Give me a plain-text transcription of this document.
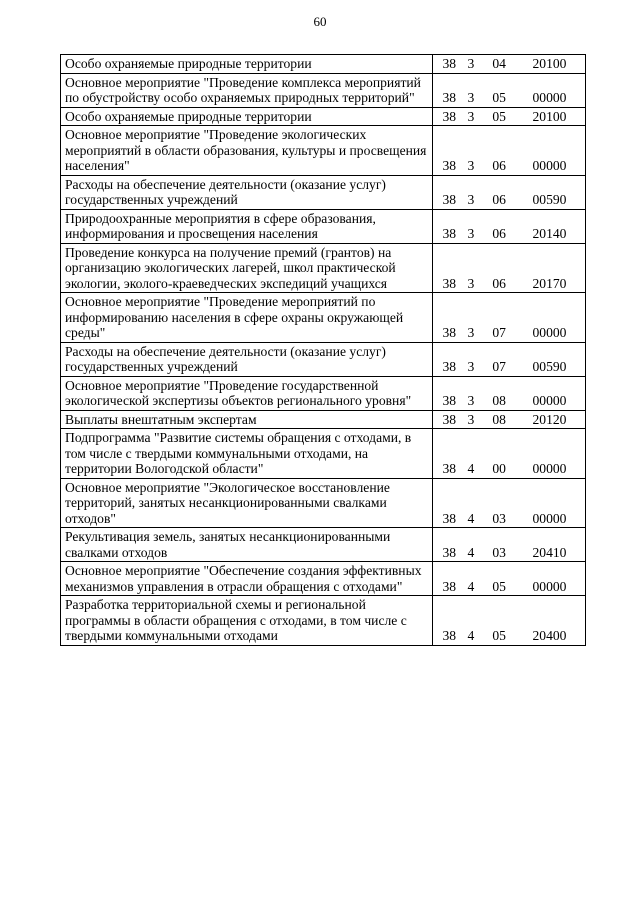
60
Особо охраняемые природные территории	38 3 04 20100

Основное мероприятие "Проведение комплекса мероприятий по обустройству особо охраняемых природных территорий"	38 3 05 00000

Особо охраняемые природные территории	38 3 05 20100

Основное мероприятие "Проведение экологических мероприятий в области образования, культуры и просвещения населения"	38 3 06 00000

Расходы на обеспечение деятельности (оказание услуг) государственных учреждений	38 3 06 00590

Природоохранные мероприятия в сфере образования, информирования и просвещения населения	38 3 06 20140

Проведение конкурса на получение премий (грантов) на организацию экологических лагерей, школ практической экологии, эколого-краеведческих экспедиций учащихся	38 3 06 20170

Основное мероприятие "Проведение мероприятий по информированию населения в сфере охраны окружающей среды"	38 3 07 00000

Расходы на обеспечение деятельности (оказание услуг) государственных учреждений	38 3 07 00590

Основное мероприятие "Проведение государственной экологической экспертизы объектов регионального уровня"	38 3 08 00000

Выплаты внештатным экспертам	38 3 08 20120

Подпрограмма "Развитие системы обращения с отходами, в том числе с твердыми коммунальными отходами, на территории Вологодской области"	38 4 00 00000

Основное мероприятие "Экологическое восстановление территорий, занятых несанкционированными свалками отходов"	38 4 03 00000

Рекультивация земель, занятых несанкционированными свалками отходов	38 4 03 20410

Основное мероприятие "Обеспечение создания эффективных механизмов управления в отрасли обращения с отходами"	38 4 05 00000

Разработка территориальной схемы и региональной программы в области обращения с отходами, в том числе с твердыми коммунальными отходами	38 4 05 20400
